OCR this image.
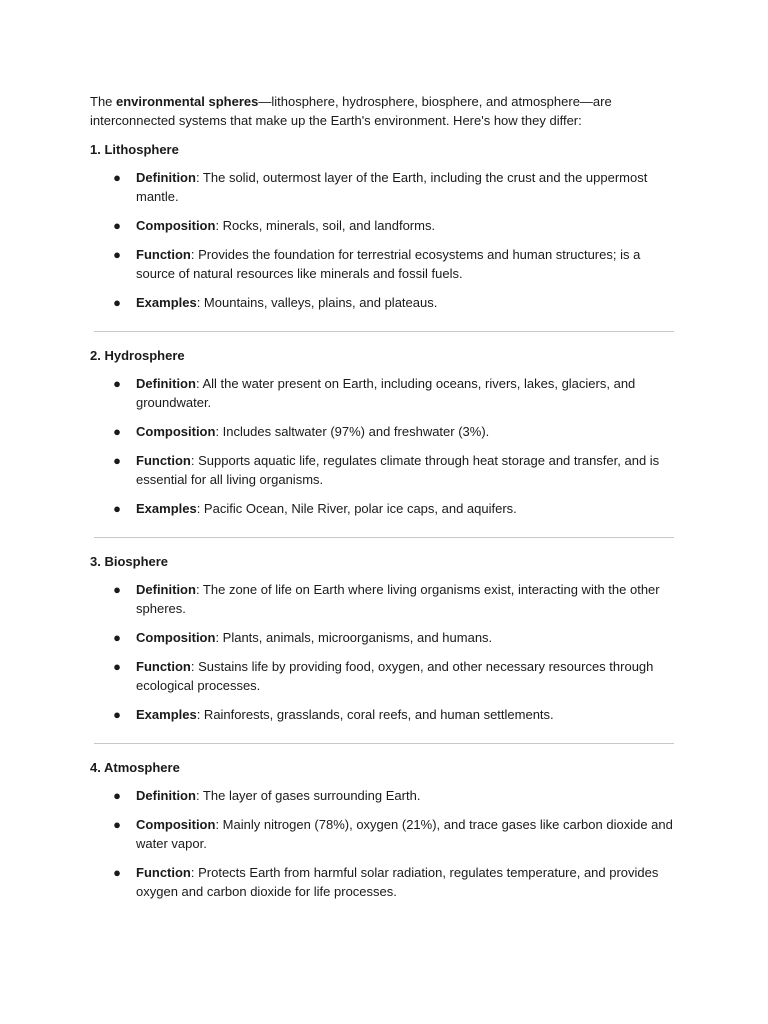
The environmental spheres—lithosphere, hydrosphere, biosphere, and atmosphere—are interconnected systems that make up the Earth's environment. Here's how they differ:

1. Lithosphere
● Definition: The solid, outermost layer of the Earth, including the crust and the uppermost mantle.
● Composition: Rocks, minerals, soil, and landforms.
● Function: Provides the foundation for terrestrial ecosystems and human structures; is a source of natural resources like minerals and fossil fuels.
● Examples: Mountains, valleys, plains, and plateaus.
2. Hydrosphere
● Definition: All the water present on Earth, including oceans, rivers, lakes, glaciers, and groundwater.
● Composition: Includes saltwater (97%) and freshwater (3%).
● Function: Supports aquatic life, regulates climate through heat storage and transfer, and is essential for all living organisms.
● Examples: Pacific Ocean, Nile River, polar ice caps, and aquifers.
3. Biosphere
● Definition: The zone of life on Earth where living organisms exist, interacting with the other spheres.
● Composition: Plants, animals, microorganisms, and humans.
● Function: Sustains life by providing food, oxygen, and other necessary resources through ecological processes.
● Examples: Rainforests, grasslands, coral reefs, and human settlements.
4. Atmosphere
● Definition: The layer of gases surrounding Earth.
● Composition: Mainly nitrogen (78%), oxygen (21%), and trace gases like carbon dioxide and water vapor.
● Function: Protects Earth from harmful solar radiation, regulates temperature, and provides oxygen and carbon dioxide for life processes.
